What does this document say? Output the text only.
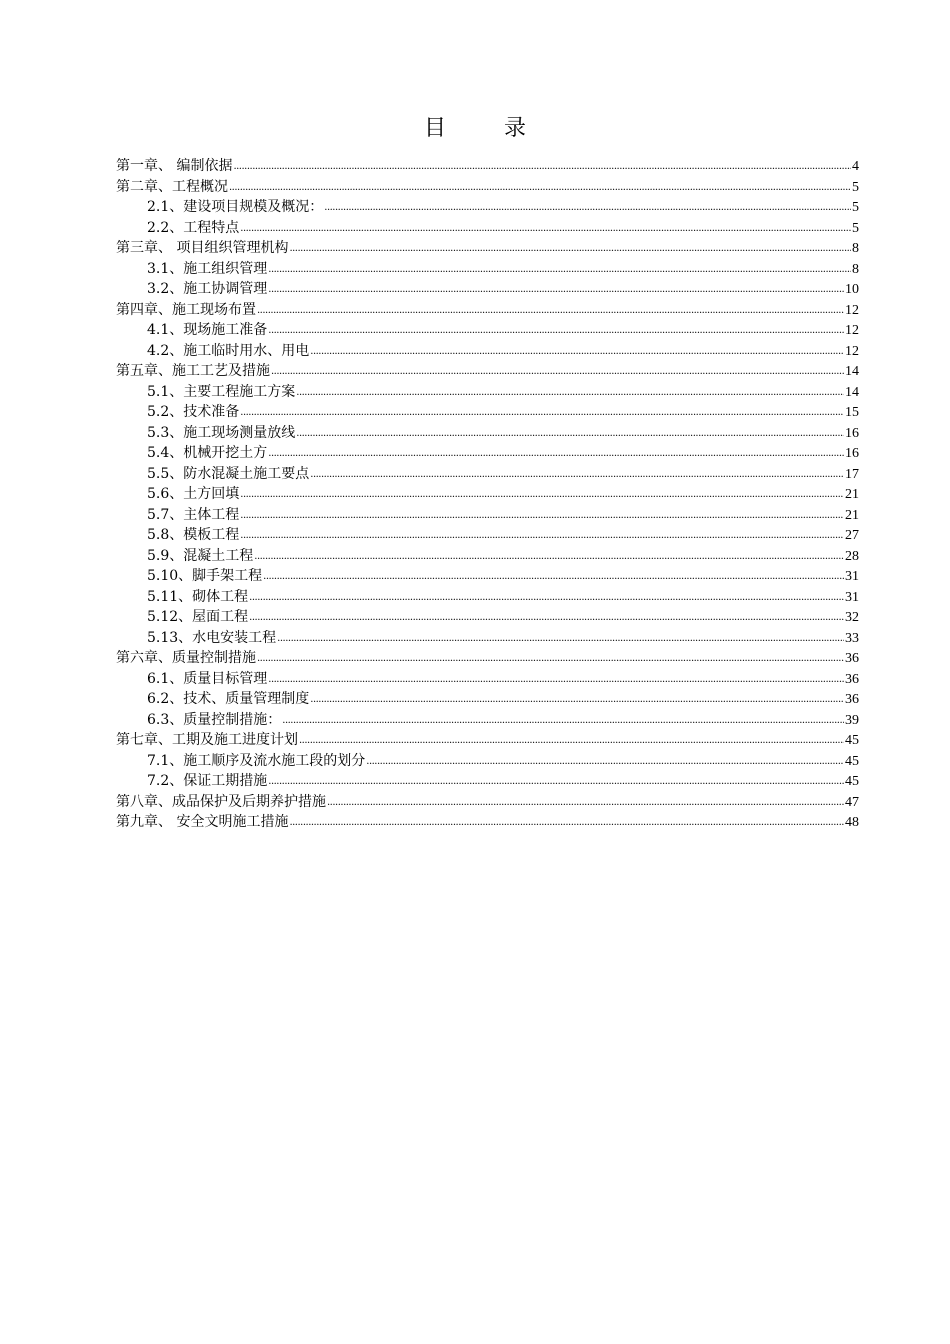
目录
第一章、 编制依据 .....	4
第二章、工程概况 .....	5
2.1、建设项目规模及概况： .....	5
2.2、工程特点 .....	5
第三章、 项目组织管理机构 .....	8
3.1、施工组织管理 .....	8
3.2、施工协调管理 .....	10
第四章、施工现场布置 .....	12
4.1、现场施工准备 .....	12
4.2、施工临时用水、用电 .....	12
第五章、施工工艺及措施 .....	14
5.1、主要工程施工方案 .....	14
5.2、技术准备 .....	15
5.3、施工现场测量放线 .....	16
5.4、机械开挖土方 .....	16
5.5、防水混凝土施工要点 .....	17
5.6、土方回填 .....	21
5.7、主体工程 .....	21
5.8、模板工程 .....	27
5.9、混凝土工程 .....	28
5.10、脚手架工程 .....	31
5.11、砌体工程 .....	31
5.12、屋面工程 .....	32
5.13、水电安装工程 .....	33
第六章、质量控制措施 .....	36
6.1、质量目标管理 .....	36
6.2、技术、质量管理制度 .....	36
6.3、质量控制措施： .....	39
第七章、工期及施工进度计划 .....	45
7.1、施工顺序及流水施工段的划分 .....	45
7.2、保证工期措施 .....	45
第八章、成品保护及后期养护措施 .....	47
第九章、 安全文明施工措施 .....	48
